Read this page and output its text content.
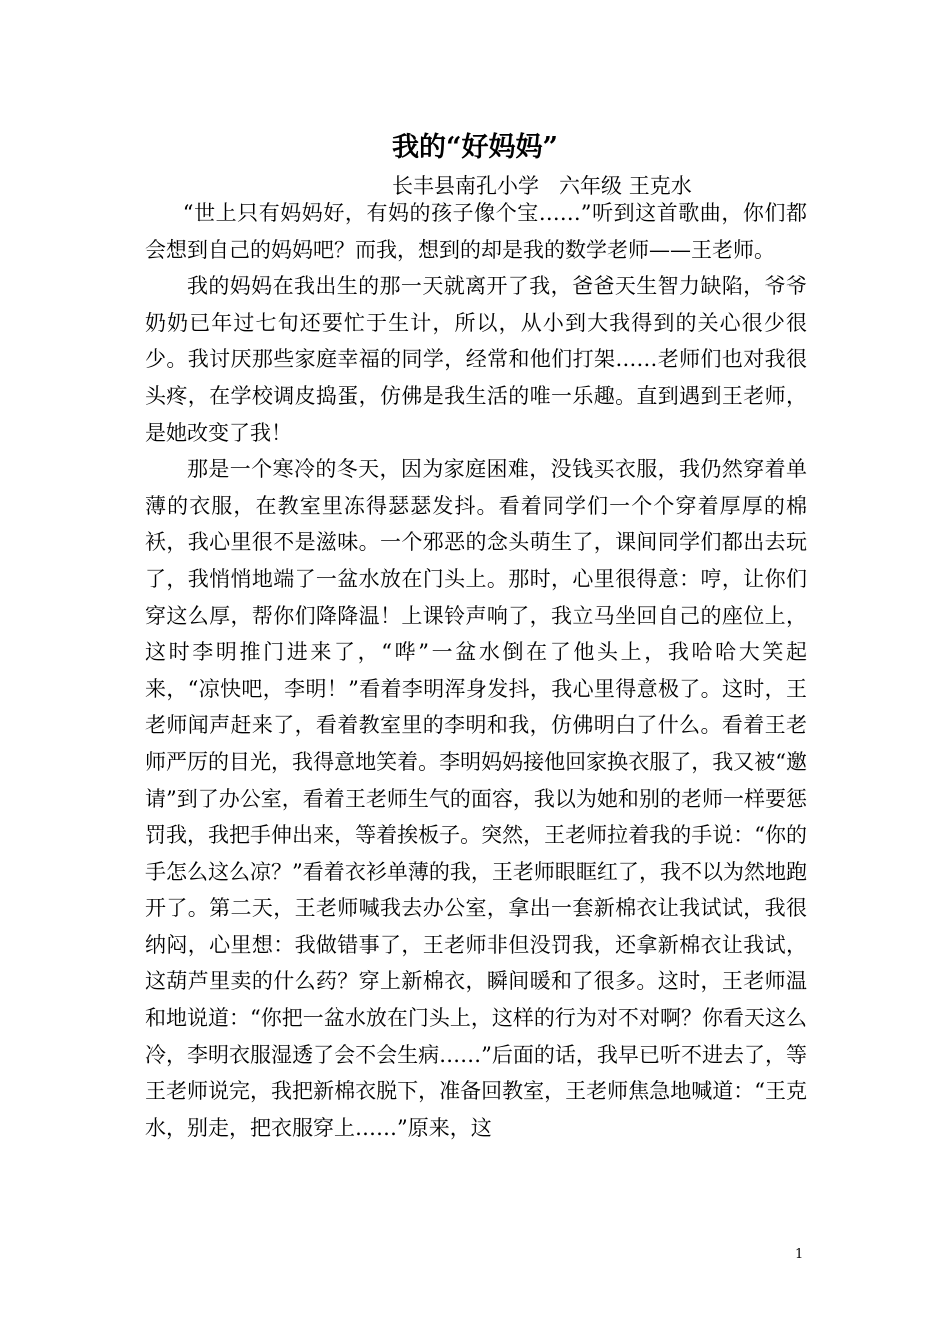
我的“好妈妈”
长丰县南孔小学   六年级 王克水

“世上只有妈妈好，有妈的孩子像个宝……”听到这首歌曲，你们都会想到自己的妈妈吧？而我，想到的却是我的数学老师——王老师。

我的妈妈在我出生的那一天就离开了我，爸爸天生智力缺陷，爷爷奶奶已年过七旬还要忙于生计，所以，从小到大我得到的关心很少很少。我讨厌那些家庭幸福的同学，经常和他们打架……老师们也对我很头疼，在学校调皮捣蛋，仿佛是我生活的唯一乐趣。直到遇到王老师，是她改变了我！

那是一个寒冷的冬天，因为家庭困难，没钱买衣服，我仍然穿着单薄的衣服，在教室里冻得瑟瑟发抖。看着同学们一个个穿着厚厚的棉袄，我心里很不是滋味。一个邪恶的念头萌生了，课间同学们都出去玩了，我悄悄地端了一盆水放在门头上。那时，心里很得意：哼，让你们穿这么厚，帮你们降降温！上课铃声响了，我立马坐回自己的座位上，这时李明推门进来了，“哗”一盆水倒在了他头上，我哈哈大笑起来，“凉快吧，李明！”看着李明浑身发抖，我心里得意极了。这时，王老师闻声赶来了，看着教室里的李明和我，仿佛明白了什么。看着王老师严厉的目光，我得意地笑着。李明妈妈接他回家换衣服了，我又被“邀请”到了办公室，看着王老师生气的面容，我以为她和别的老师一样要惩罚我，我把手伸出来，等着挨板子。突然，王老师拉着我的手说：“你的手怎么这么凉？”看着衣衫单薄的我，王老师眼眶红了，我不以为然地跑开了。第二天，王老师喊我去办公室，拿出一套新棉衣让我试试，我很纳闷，心里想：我做错事了，王老师非但没罚我，还拿新棉衣让我试，这葫芦里卖的什么药？穿上新棉衣，瞬间暖和了很多。这时，王老师温和地说道：“你把一盆水放在门头上，这样的行为对不对啊？你看天这么冷，李明衣服湿透了会不会生病……”后面的话，我早已听不进去了，等王老师说完，我把新棉衣脱下，准备回教室，王老师焦急地喊道：“王克水，别走，把衣服穿上……”原来，这

1
